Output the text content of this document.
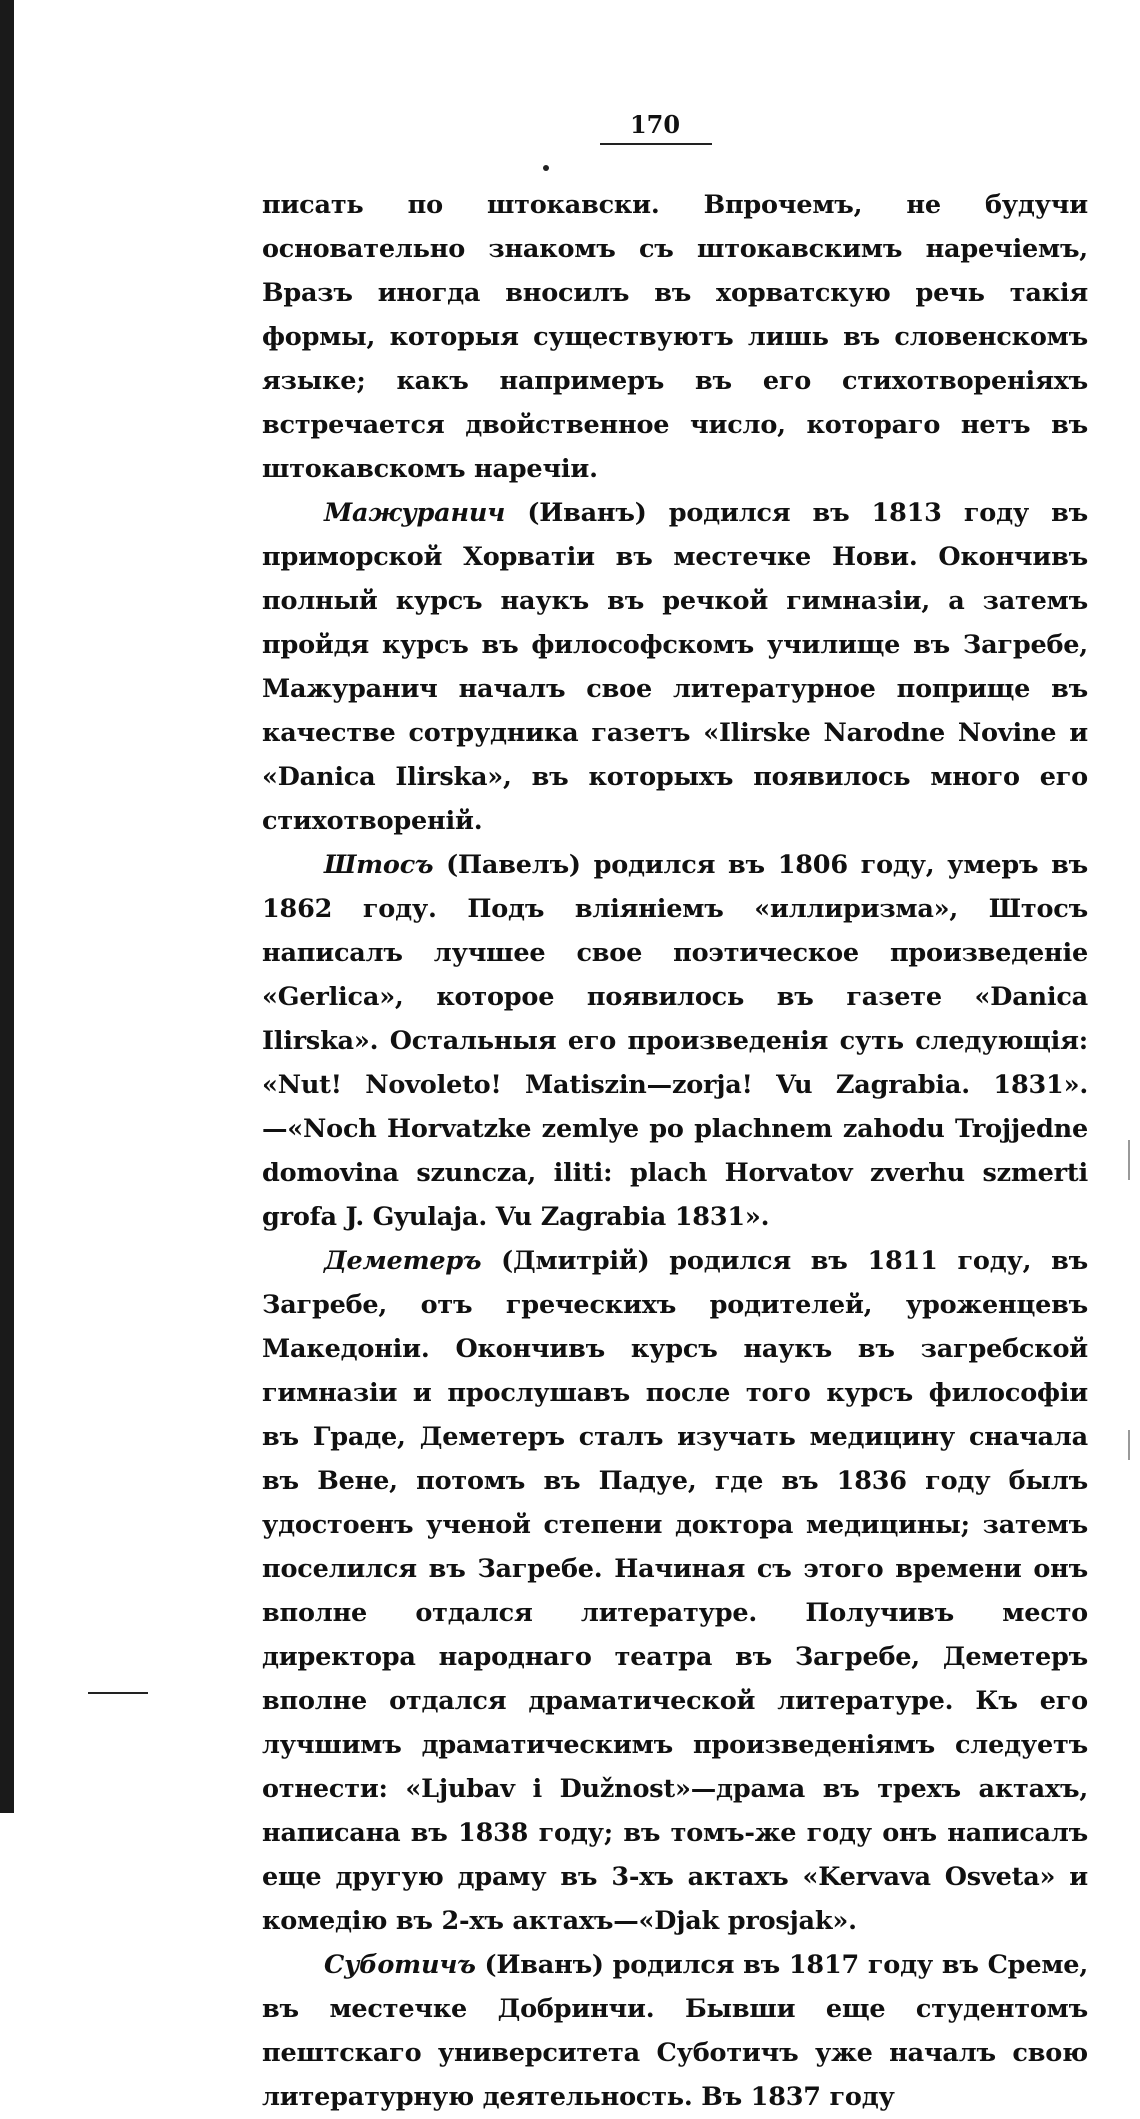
170

писать по штокавски. Впрочемъ, не будучи основательно знакомъ съ штокавскимъ наречiемъ, Вразъ иногда вносилъ въ хорватскую речь такiя формы, которыя существуютъ лишь въ словенскомъ языке; какъ напримеръ въ его стихотворенiяхъ встречается двойственное число, котораго нетъ въ штокавскомъ наречiи.

Мажуранич (Иванъ) родился въ 1813 году въ приморской Хорватiи въ местечке Нови. Окончивъ полный курсъ наукъ въ речкой гимназiи, а затемъ пройдя курсъ въ философскомъ училище въ Загребе, Мажуранич началъ свое литературное поприще въ качестве сотрудника газетъ «Ilirske Narodne Novine и «Danica Ilirska», въ которыхъ появилось много его стихотворенiй.

Штосъ (Павелъ) родился въ 1806 году, умеръ въ 1862 году. Подъ влiянiемъ «иллиризма», Штосъ написалъ лучшее свое поэтическое произведенiе «Gerlica», которое появилось въ газете «Danica Ilirska». Остальныя его произведенiя суть следующiя: «Nut! Novoleto! Matiszin—zorja! Vu Zagrabia. 1831».—«Noch Horvatzke zemlye po plachnem zahodu Trojjedne domovina szuncza, ilitі: plach Horvatov zverhu szmerti grofa J. Gyulaja. Vu Zagrabia 1831».

Деметеръ (Дмитрiй) родился въ 1811 году, въ Загребе, отъ греческихъ родителей, уроженцевъ Македонiи. Окончивъ курсъ наукъ въ загребской гимназiи и прослушавъ после того курсъ философiи въ Граде, Деметеръ сталъ изучать медицину сначала въ Вене, потомъ въ Падуе, где въ 1836 году былъ удостоенъ ученой степени доктора медицины; затемъ поселился въ Загребе. Начиная съ этого времени онъ вполне отдался литературе. Получивъ место директора народнаго театра въ Загребе, Деметеръ вполне отдался драматической литературе. Къ его лучшимъ драматическимъ произведенiямъ следуетъ отнести: «Ljubav i Dužnost»—драма въ трехъ актахъ, написана въ 1838 году; въ томъ-же году онъ написалъ еще другую драму въ 3-хъ актахъ «Kervava Osveta» и комедiю въ 2-хъ актахъ—«Djak prosjak».

Суботичъ (Иванъ) родился въ 1817 году въ Среме, въ местечке Добринчи. Бывши еще студентомъ пештскаго университета Суботичъ уже началъ свою литературную деятельность. Въ 1837 году
